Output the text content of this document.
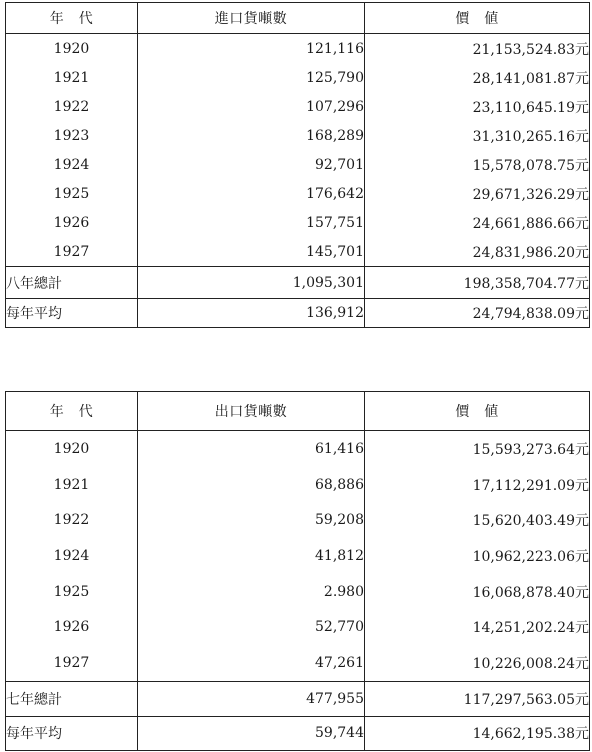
年　代	進口貨噸數	價　値
1920	121,116	21,153,524.83元
1921	125,790	28,141,081.87元
1922	107,296	23,110,645.19元
1923	168,289	31,310,265.16元
1924	92,701	15,578,078.75元
1925	176,642	29,671,326.29元
1926	157,751	24,661,886.66元
1927	145,701	24,831,986.20元
八年總計	1,095,301	198,358,704.77元
每年平均	136,912	24,794,838.09元
年　代	出口貨噸數	價　値
1920	61,416	15,593,273.64元
1921	68,886	17,112,291.09元
1922	59,208	15,620,403.49元
1924	41,812	10,962,223.06元
1925	2.980	16,068,878.40元
1926	52,770	14,251,202.24元
1927	47,261	10,226,008.24元
七年總計	477,955	117,297,563.05元
每年平均	59,744	14,662,195.38元
